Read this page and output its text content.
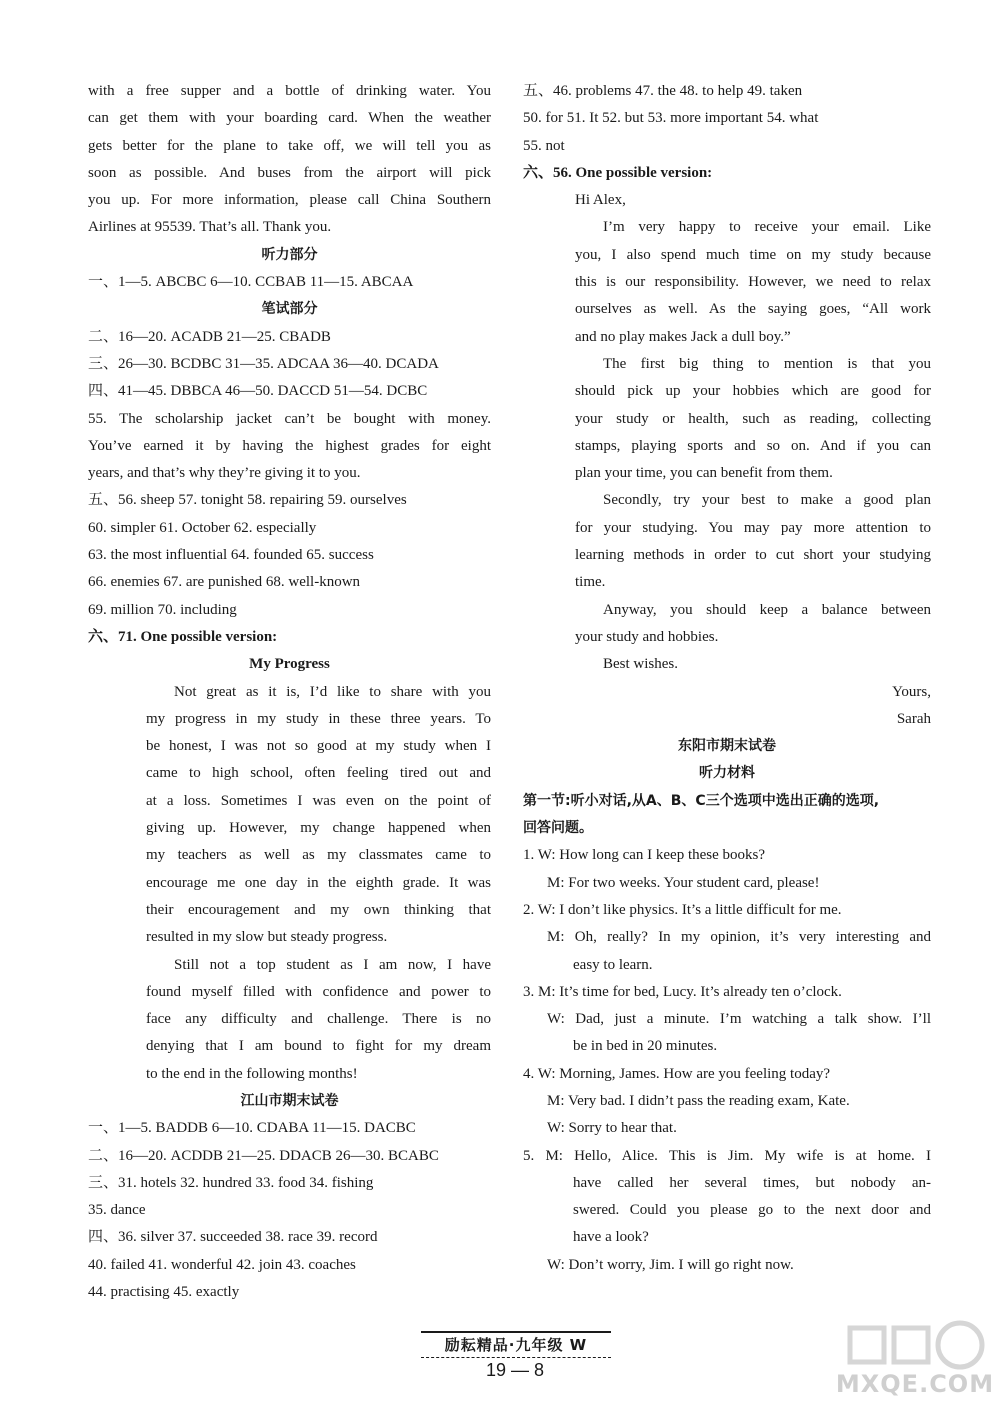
with a free supper and a bottle of drinking water. You

can get them with your boarding card. When the weather

gets better for the plane to take off, we will tell you as

soon as possible. And buses from the airport will pick

you up. For more information, please call China Southern

Airlines at 95539. That’s all. Thank you.

听力部分

一、1—5. ABCBC 6—10. CCBAB 11—15. ABCAA

笔试部分

二、16—20. ACADB 21—25. CBADB

三、26—30. BCDBC 31—35. ADCAA 36—40. DCADA

四、41—45. DBBCA 46—50. DACCD 51—54. DCBC

55. The scholarship jacket can’t be bought with money.

You’ve earned it by having the highest grades for eight

years, and that’s why they’re giving it to you.

五、56. sheep 57. tonight 58. repairing 59. ourselves

60. simpler 61. October 62. especially

63. the most influential 64. founded 65. success

66. enemies 67. are punished 68. well-known

69. million 70. including

六、71. One possible version:

My Progress

Not great as it is, I’d like to share with you

my progress in my study in these three years. To

be honest, I was not so good at my study when I

came to high school, often feeling tired out and

at a loss. Sometimes I was even on the point of

giving up. However, my change happened when

my teachers as well as my classmates came to

encourage me one day in the eighth grade. It was

their encouragement and my own thinking that

resulted in my slow but steady progress.

Still not a top student as I am now, I have

found myself filled with confidence and power to

face any difficulty and challenge. There is no

denying that I am bound to fight for my dream

to the end in the following months!

江山市期末试卷

一、1—5. BADDB 6—10. CDABA 11—15. DACBC

二、16—20. ACDDB 21—25. DDACB 26—30. BCABC

三、31. hotels 32. hundred 33. food 34. fishing

35. dance

四、36. silver 37. succeeded 38. race 39. record

40. failed 41. wonderful 42. join 43. coaches

44. practising 45. exactly

五、46. problems 47. the 48. to help 49. taken

50. for 51. It 52. but 53. more important 54. what

55. not

六、56. One possible version:

Hi Alex,

I’m very happy to receive your email. Like

you, I also spend much time on my study because

this is our responsibility. However, we need to relax

ourselves as well. As the saying goes, “All work

and no play makes Jack a dull boy.”

The first big thing to mention is that you

should pick up your hobbies which are good for

your study or health, such as reading, collecting

stamps, playing sports and so on. And if you can

plan your time, you can benefit from them.

Secondly, try your best to make a good plan

for your studying. You may pay more attention to

learning methods in order to cut short your studying

time.

Anyway, you should keep a balance between

your study and hobbies.

Best wishes.

Yours,

Sarah

东阳市期末试卷

听力材料

第一节:听小对话,从A、B、C三个选项中选出正确的选项,

回答问题。

1. W: How long can I keep these books?

M: For two weeks. Your student card, please!

2. W: I don’t like physics. It’s a little difficult for me.

M: Oh, really? In my opinion, it’s very interesting and

easy to learn.

3. M: It’s time for bed, Lucy. It’s already ten o’clock.

W: Dad, just a minute. I’m watching a talk show. I’ll

be in bed in 20 minutes.

4. W: Morning, James. How are you feeling today?

M: Very bad. I didn’t pass the reading exam, Kate.

W: Sorry to hear that.

5. M: Hello, Alice. This is Jim. My wife is at home. I

have called her several times, but nobody an-

swered. Could you please go to the next door and

have a look?

W: Don’t worry, Jim. I will go right now.

励耘精品·九年级 W
19 — 8	MXQE.COM
